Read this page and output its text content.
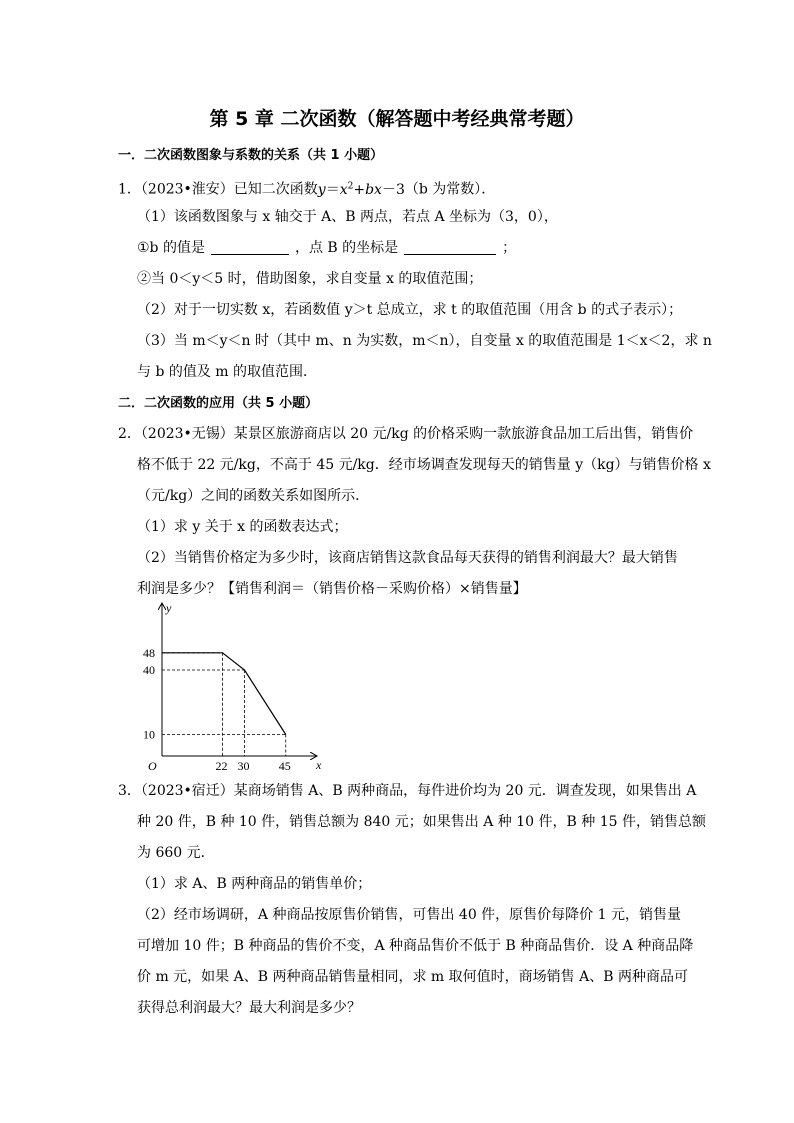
第 5 章 二次函数（解答题中考经典常考题）
一．二次函数图象与系数的关系（共 1 小题）
1．（2023•淮安）已知二次函数$y=x^2+bx-3(b$ 为常数）．
（1）该函数图象与 x 轴交于 A、B 两点，若点 A 坐标为（3，0），
①b 的值是	，点 B 的坐标是	；
②当 0＜y＜5 时，借助图象，求自变量 x 的取值范围；
（2）对于一切实数 x，若函数值 y＞t 总成立，求 t 的取值范围（用含 b 的式子表示）；
（3）当 m＜y＜n 时（其中 m、n 为实数，m＜n），自变量 x 的取值范围是 1＜x＜2，求 n
与 b 的值及 m 的取值范围．
二．二次函数的应用（共 5 小题）
2．（2023•无锡）某景区旅游商店以 20 元/kg 的价格采购一款旅游食品加工后出售，销售价
格不低于 22 元/kg，不高于 45 元/kg．经市场调查发现每天的销售量 y（kg）与销售价格 x
（元/kg）之间的函数关系如图所示．
（1）求 y 关于 x 的函数表达式；
（2）当销售价格定为多少时，该商店销售这款食品每天获得的销售利润最大？最大销售
利润是多少？【销售利润＝（销售价格－采购价格）×销售量】
22 30 45
48
40
10
y
x
O
3．（2023•宿迁）某商场销售 A、B 两种商品，每件进价均为 20 元．调查发现，如果售出 A
种 20 件，B 种 10 件，销售总额为 840 元；如果售出 A 种 10 件，B 种 15 件，销售总额
为 660 元．
（1）求 A、B 两种商品的销售单价；
（2）经市场调研，A 种商品按原售价销售，可售出 40 件，原售价每降价 1 元，销售量
可增加 10 件；B 种商品的售价不变，A 种商品售价不低于 B 种商品售价．设 A 种商品降
价 m 元，如果 A、B 两种商品销售量相同，求 m 取何值时，商场销售 A、B 两种商品可
获得总利润最大？最大利润是多少？
